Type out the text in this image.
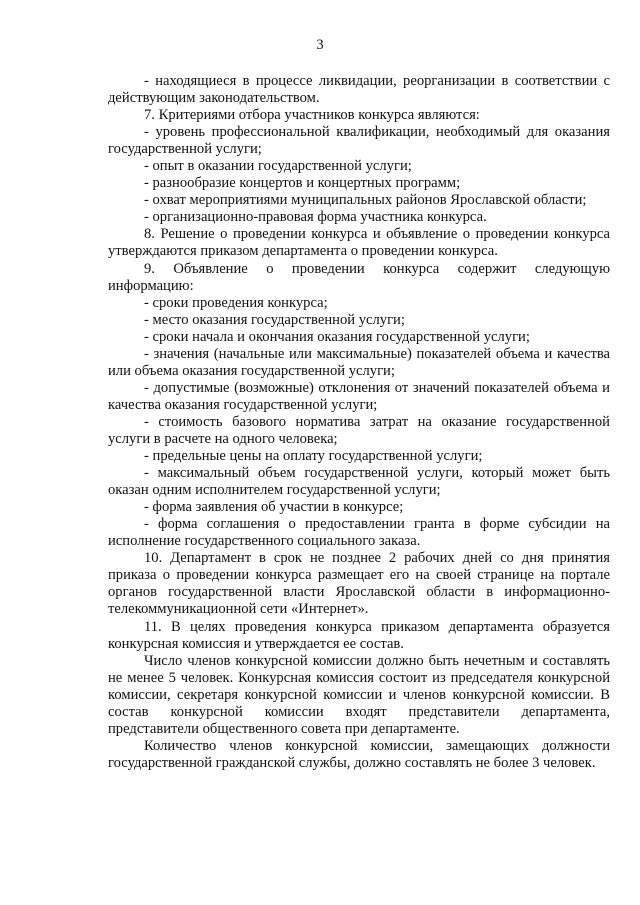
3

- находящиеся в процессе ликвидации, реорганизации в соответствии с действующим законодательством.

7. Критериями отбора участников конкурса являются:

- уровень профессиональной квалификации, необходимый для оказания государственной услуги;

- опыт в оказании государственной услуги;

- разнообразие концертов и концертных программ;

- охват мероприятиями муниципальных районов Ярославской области;

- организационно-правовая форма участника конкурса.

8. Решение о проведении конкурса и объявление о проведении конкурса утверждаются приказом департамента о проведении конкурса.

9. Объявление о проведении конкурса содержит следующую информацию:

- сроки проведения конкурса;

- место оказания государственной услуги;

- сроки начала и окончания оказания государственной услуги;

- значения (начальные или максимальные) показателей объема и качества или объема оказания государственной услуги;

- допустимые (возможные) отклонения от значений показателей объема и качества оказания государственной услуги;

- стоимость базового норматива затрат на оказание государственной услуги в расчете на одного человека;

- предельные цены на оплату государственной услуги;

- максимальный объем государственной услуги, который может быть оказан одним исполнителем государственной услуги;

- форма заявления об участии в конкурсе;

- форма соглашения о предоставлении гранта в форме субсидии на исполнение государственного социального заказа.

10. Департамент в срок не позднее 2 рабочих дней со дня принятия приказа о проведении конкурса размещает его на своей странице на портале органов государственной власти Ярославской области в информационно-телекоммуникационной сети «Интернет».

11. В целях проведения конкурса приказом департамента образуется конкурсная комиссия и утверждается ее состав.

Число членов конкурсной комиссии должно быть нечетным и составлять не менее 5 человек. Конкурсная комиссия состоит из председателя конкурсной комиссии, секретаря конкурсной комиссии и членов конкурсной комиссии. В состав конкурсной комиссии входят представители департамента, представители общественного совета при департаменте.

Количество членов конкурсной комиссии, замещающих должности государственной гражданской службы, должно составлять не более 3 человек.
